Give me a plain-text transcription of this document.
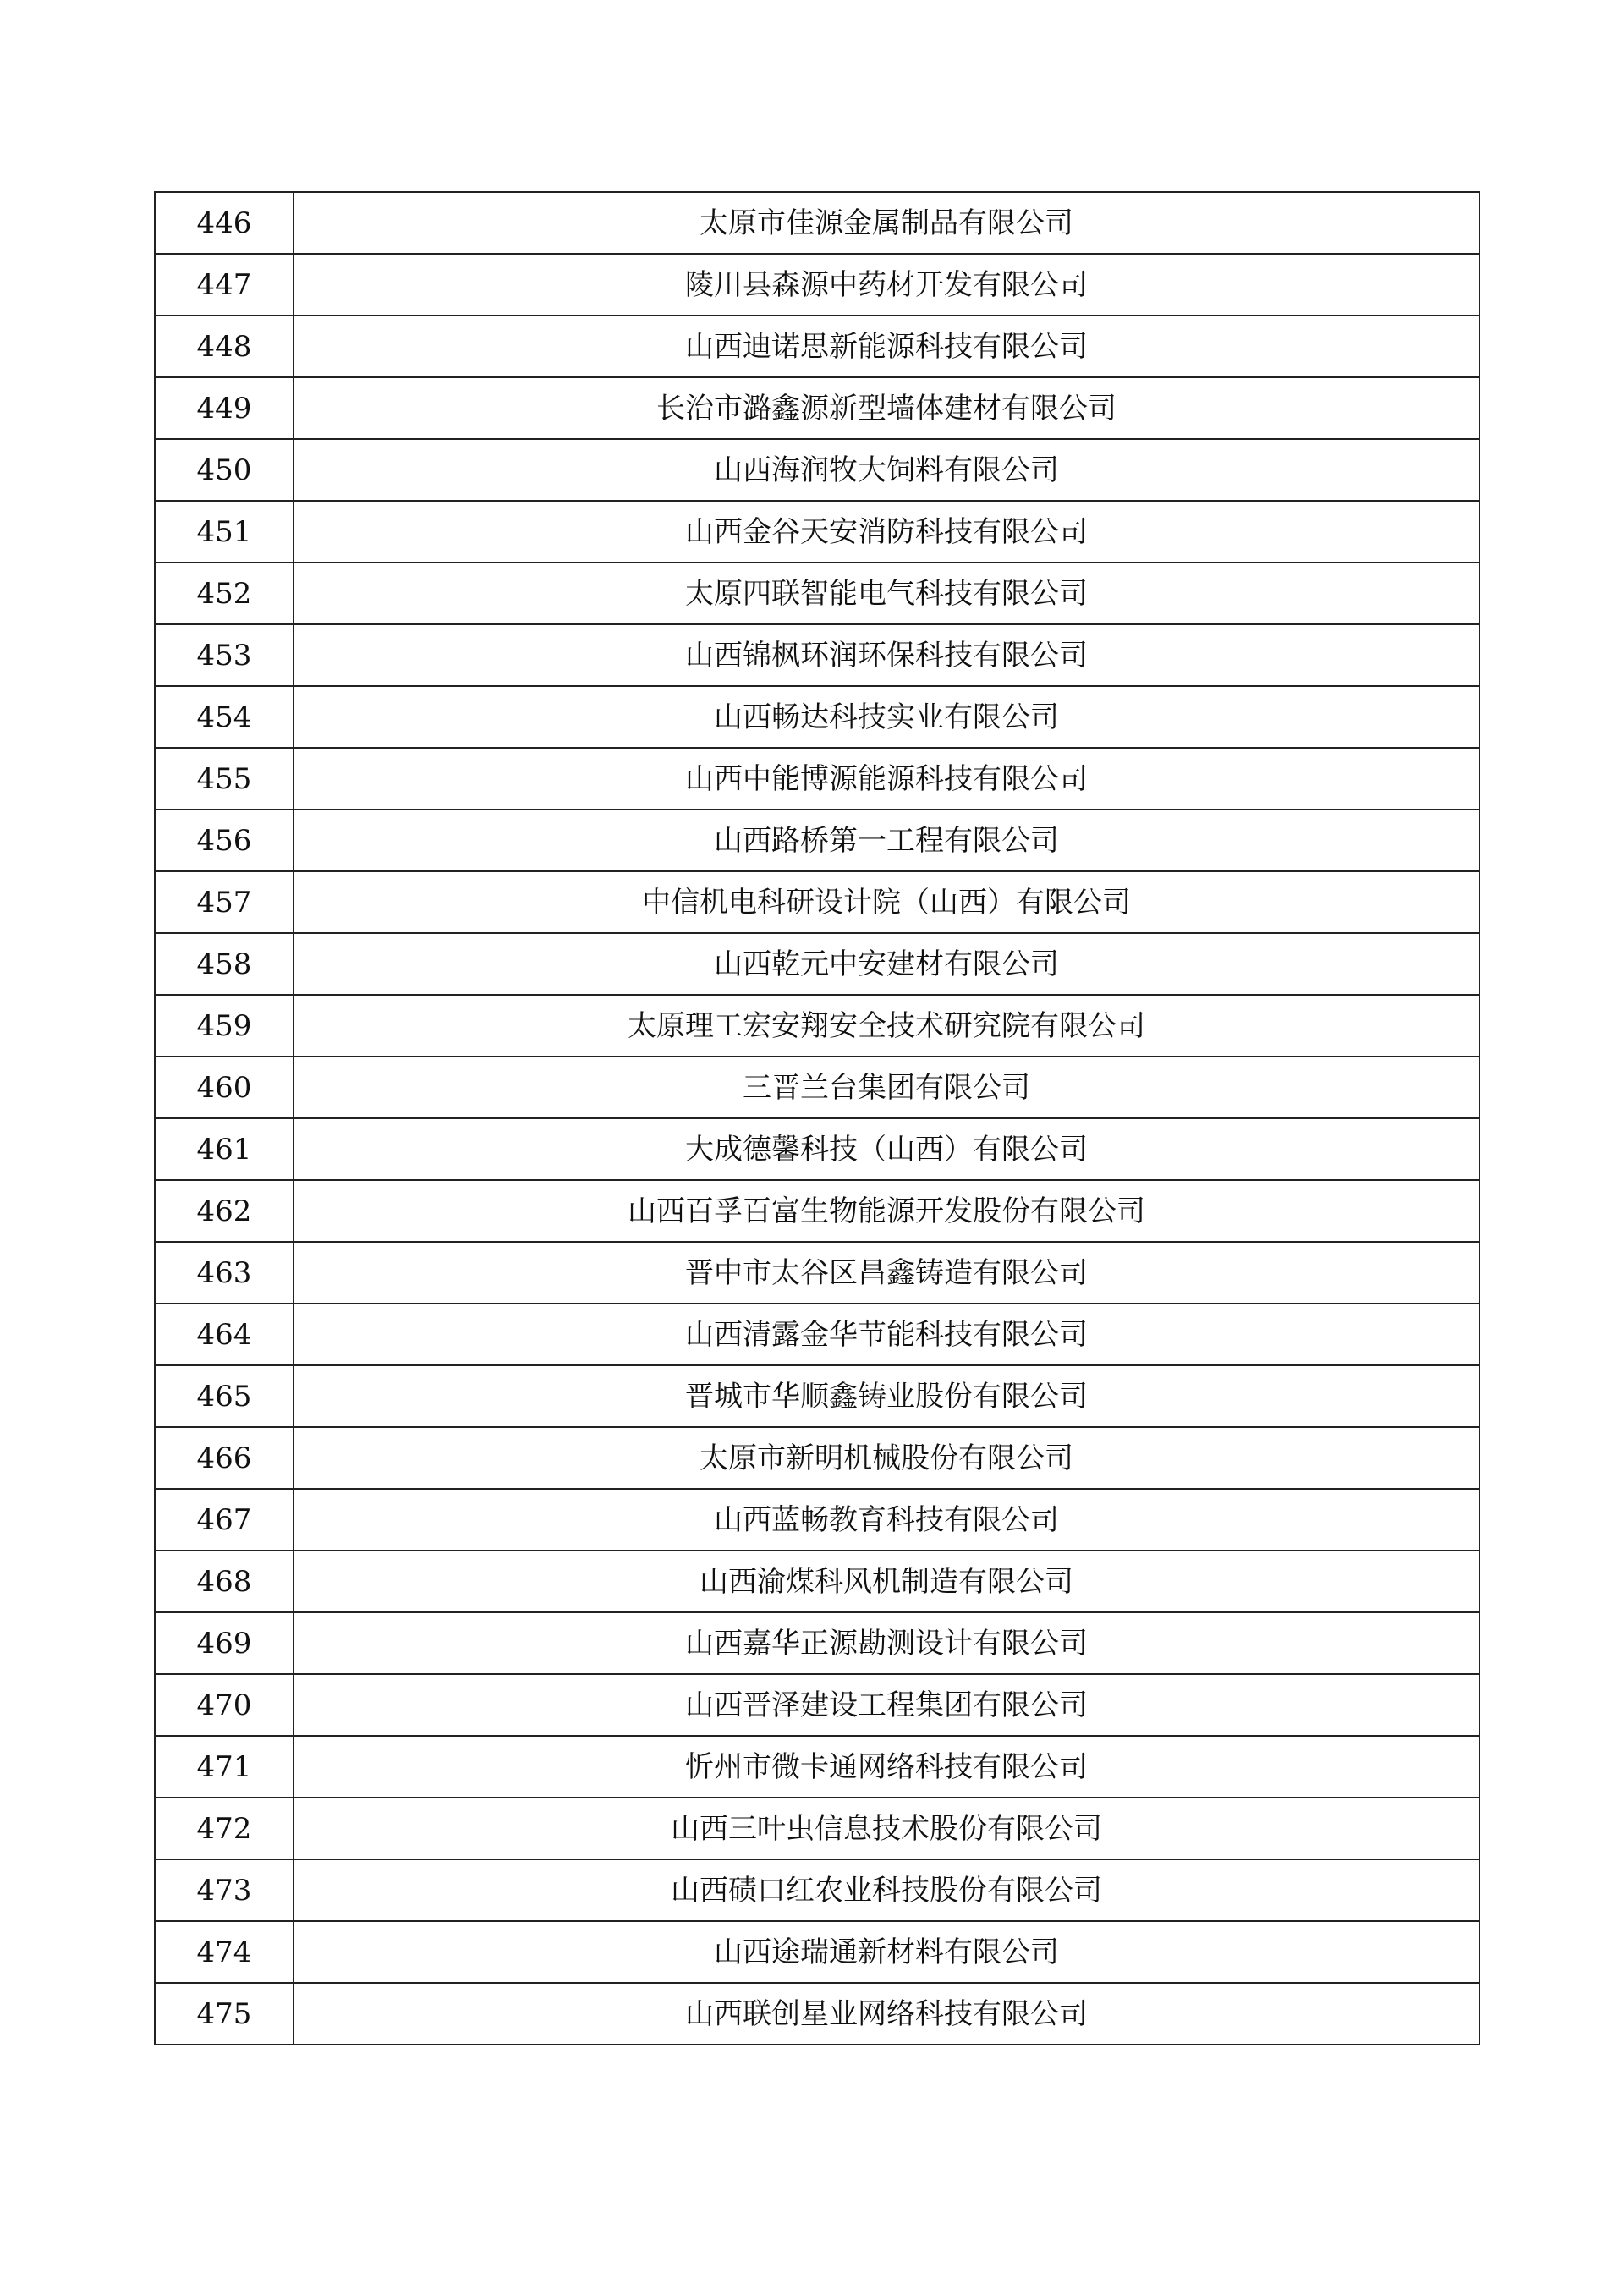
446	太原市佳源金属制品有限公司
447	陵川县森源中药材开发有限公司
448	山西迪诺思新能源科技有限公司
449	长治市潞鑫源新型墙体建材有限公司
450	山西海润牧大饲料有限公司
451	山西金谷天安消防科技有限公司
452	太原四联智能电气科技有限公司
453	山西锦枫环润环保科技有限公司
454	山西畅达科技实业有限公司
455	山西中能博源能源科技有限公司
456	山西路桥第一工程有限公司
457	中信机电科研设计院（山西）有限公司
458	山西乾元中安建材有限公司
459	太原理工宏安翔安全技术研究院有限公司
460	三晋兰台集团有限公司
461	大成德馨科技（山西）有限公司
462	山西百孚百富生物能源开发股份有限公司
463	晋中市太谷区昌鑫铸造有限公司
464	山西清露金华节能科技有限公司
465	晋城市华顺鑫铸业股份有限公司
466	太原市新明机械股份有限公司
467	山西蓝畅教育科技有限公司
468	山西渝煤科风机制造有限公司
469	山西嘉华正源勘测设计有限公司
470	山西晋泽建设工程集团有限公司
471	忻州市微卡通网络科技有限公司
472	山西三叶虫信息技术股份有限公司
473	山西碛口红农业科技股份有限公司
474	山西途瑞通新材料有限公司
475	山西联创星业网络科技有限公司
